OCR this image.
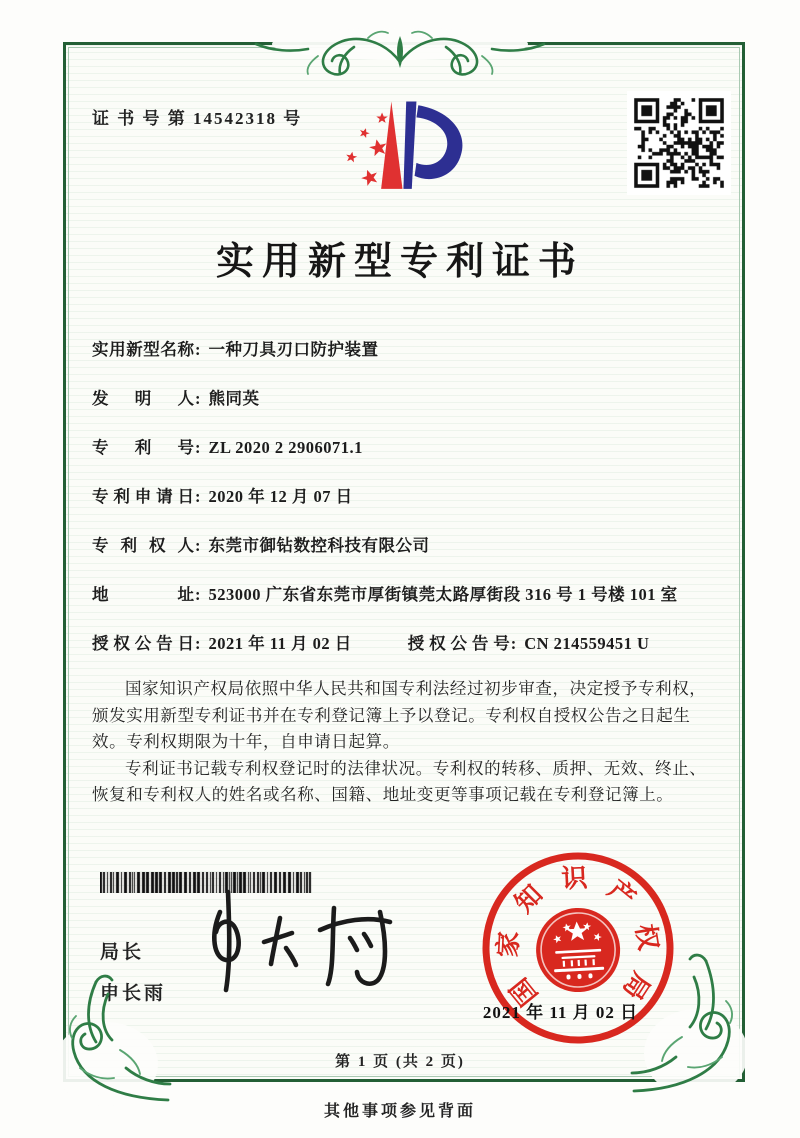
证 书 号 第 14542318 号
实用新型专利证书
实用新型名称: 一种刀具刃口防护装置
发明人: 熊同英
专利号: ZL 2020 2 2906071.1
专利申请日: 2020 年 12 月 07 日
专利权人: 东莞市御钻数控科技有限公司
地址: 523000 广东省东莞市厚街镇莞太路厚街段 316 号 1 号楼 101 室
授权公告日: 2021 年 11 月 02 日	授权公告号: CN 214559451 U

国家知识产权局依照中华人民共和国专利法经过初步审查，决定授予专利权，颁发实用新型专利证书并在专利登记簿上予以登记。专利权自授权公告之日起生效。专利权期限为十年，自申请日起算。

专利证书记载专利权登记时的法律状况。专利权的转移、质押、无效、终止、恢复和专利权人的姓名或名称、国籍、地址变更等事项记载在专利登记簿上。

局长
申长雨	国
家
知
识 产
权
局
2021 年 11 月 02 日
第 1 页 (共 2 页)
其他事项参见背面
